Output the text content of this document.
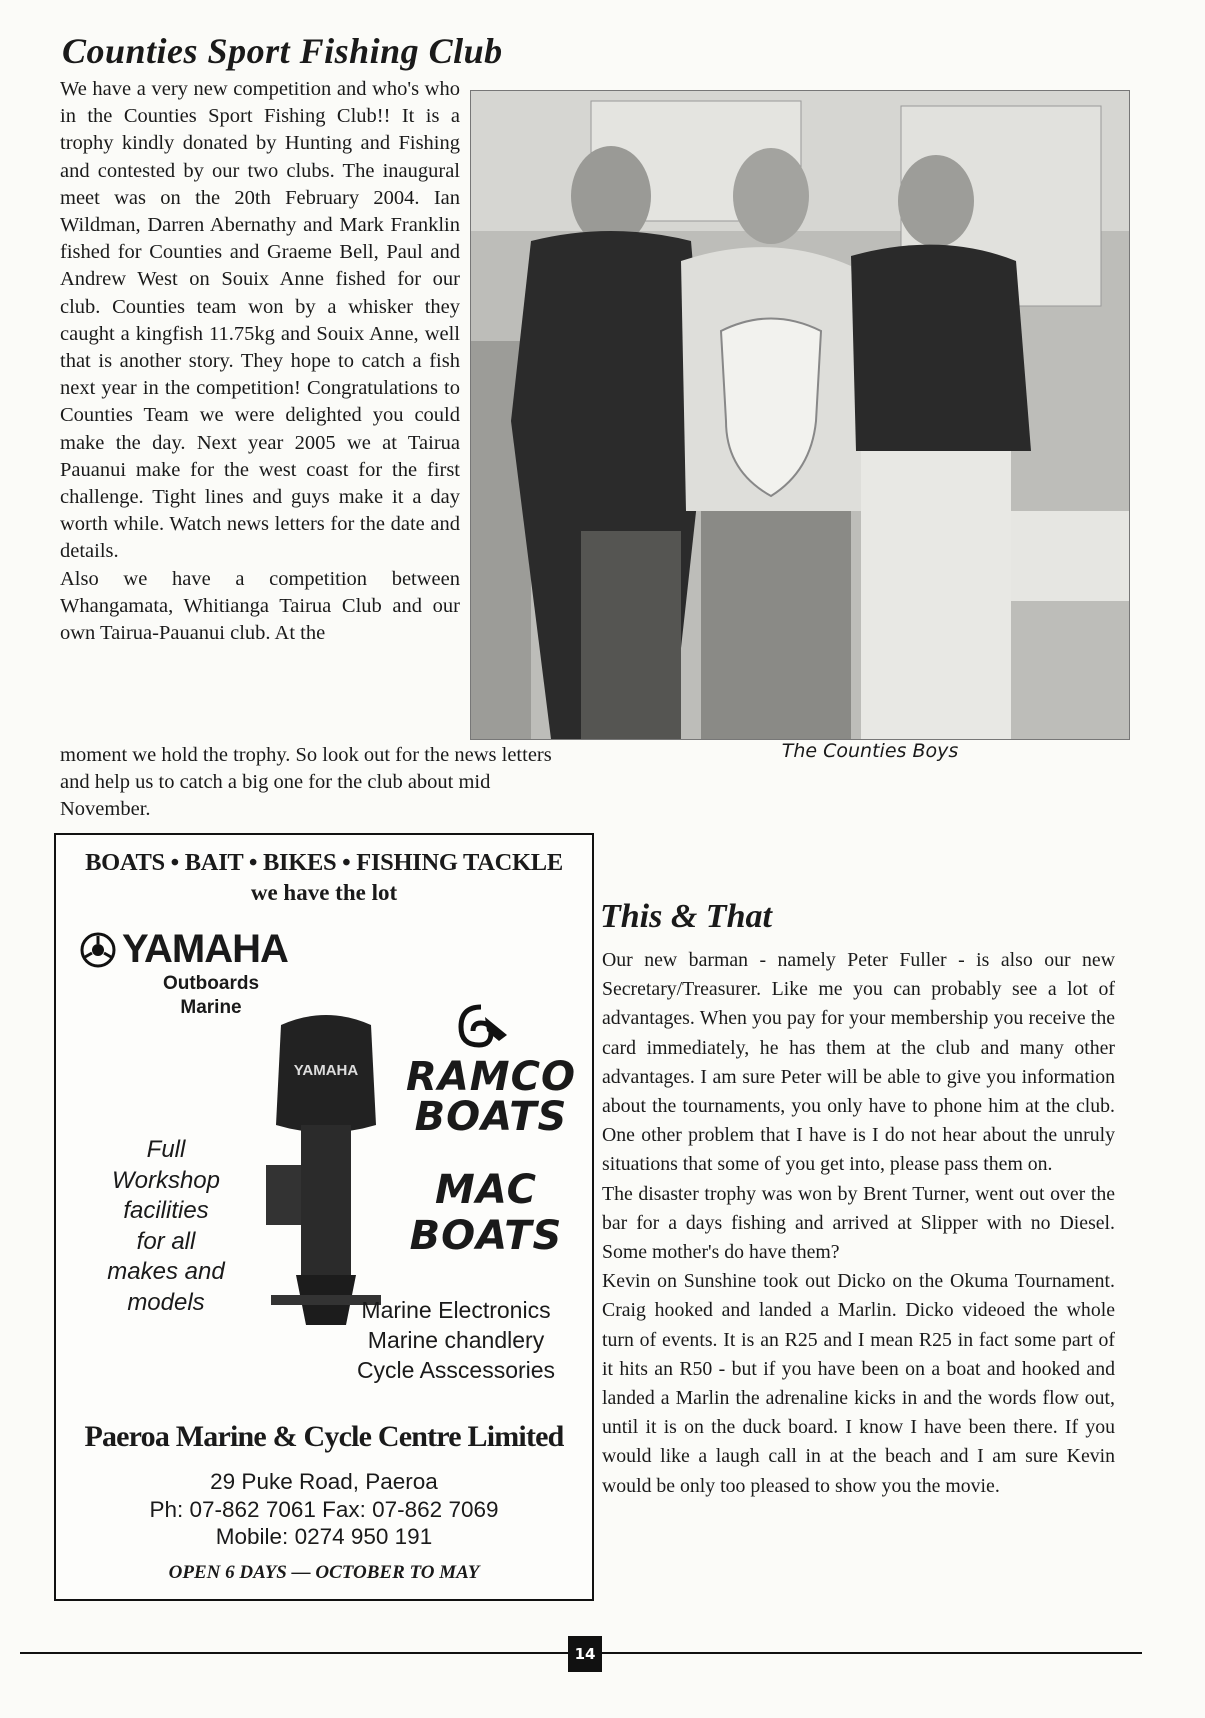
Counties Sport Fishing Club

We have a very new competition and who's who in the Counties Sport Fishing Club!! It is a trophy kindly donated by Hunting and Fishing and contested by our two clubs. The inaugural meet was on the 20th February 2004. Ian Wildman, Darren Abernathy and Mark Franklin fished for Counties and Graeme Bell, Paul and Andrew West on Souix Anne fished for our club. Counties team won by a whisker they caught a kingfish 11.75kg and Souix Anne, well that is another story. They hope to catch a fish next year in the competition! Congratulations to Counties Team we were delighted you could make the day. Next year 2005 we at Tairua Pauanui make for the west coast for the first challenge. Tight lines and guys make it a day worth while. Watch news letters for the date and details.

Also we have a competition between Whangamata, Whitianga Tairua Club and our own Tairua-Pauanui club. At the

The Counties Boys
moment we hold the trophy. So look out for the news letters and help us to catch a big one for the club about mid November.
BOATS • BAIT • BIKES • FISHING TACKLE
we have the lot
YAMAHA
Outboards
Marine
YAMAHA	RAMCO
BOATS
MAC
BOATS
Full
Workshop
facilities
for all
makes and
models	Marine Electronics
Marine chandlery
Cycle Asscessories
Paeroa Marine & Cycle Centre Limited
29 Puke Road, Paeroa
Ph: 07-862 7061 Fax: 07-862 7069
Mobile: 0274 950 191
OPEN 6 DAYS — OCTOBER TO MAY
This & That

Our new barman - namely Peter Fuller - is also our new Secretary/Treasurer. Like me you can probably see a lot of advantages. When you pay for your membership you receive the card immediately, he has them at the club and many other advantages. I am sure Peter will be able to give you information about the tournaments, you only have to phone him at the club. One other problem that I have is I do not hear about the unruly situations that some of you get into, please pass them on.

The disaster trophy was won by Brent Turner, went out over the bar for a days fishing and arrived at Slipper with no Diesel. Some mother's do have them?

Kevin on Sunshine took out Dicko on the Okuma Tournament. Craig hooked and landed a Marlin. Dicko videoed the whole turn of events. It is an R25 and I mean R25 in fact some part of it hits an R50 - but if you have been on a boat and hooked and landed a Marlin the adrenaline kicks in and the words flow out, until it is on the duck board. I know I have been there. If you would like a laugh call in at the beach and I am sure Kevin would be only too pleased to show you the movie.

14
